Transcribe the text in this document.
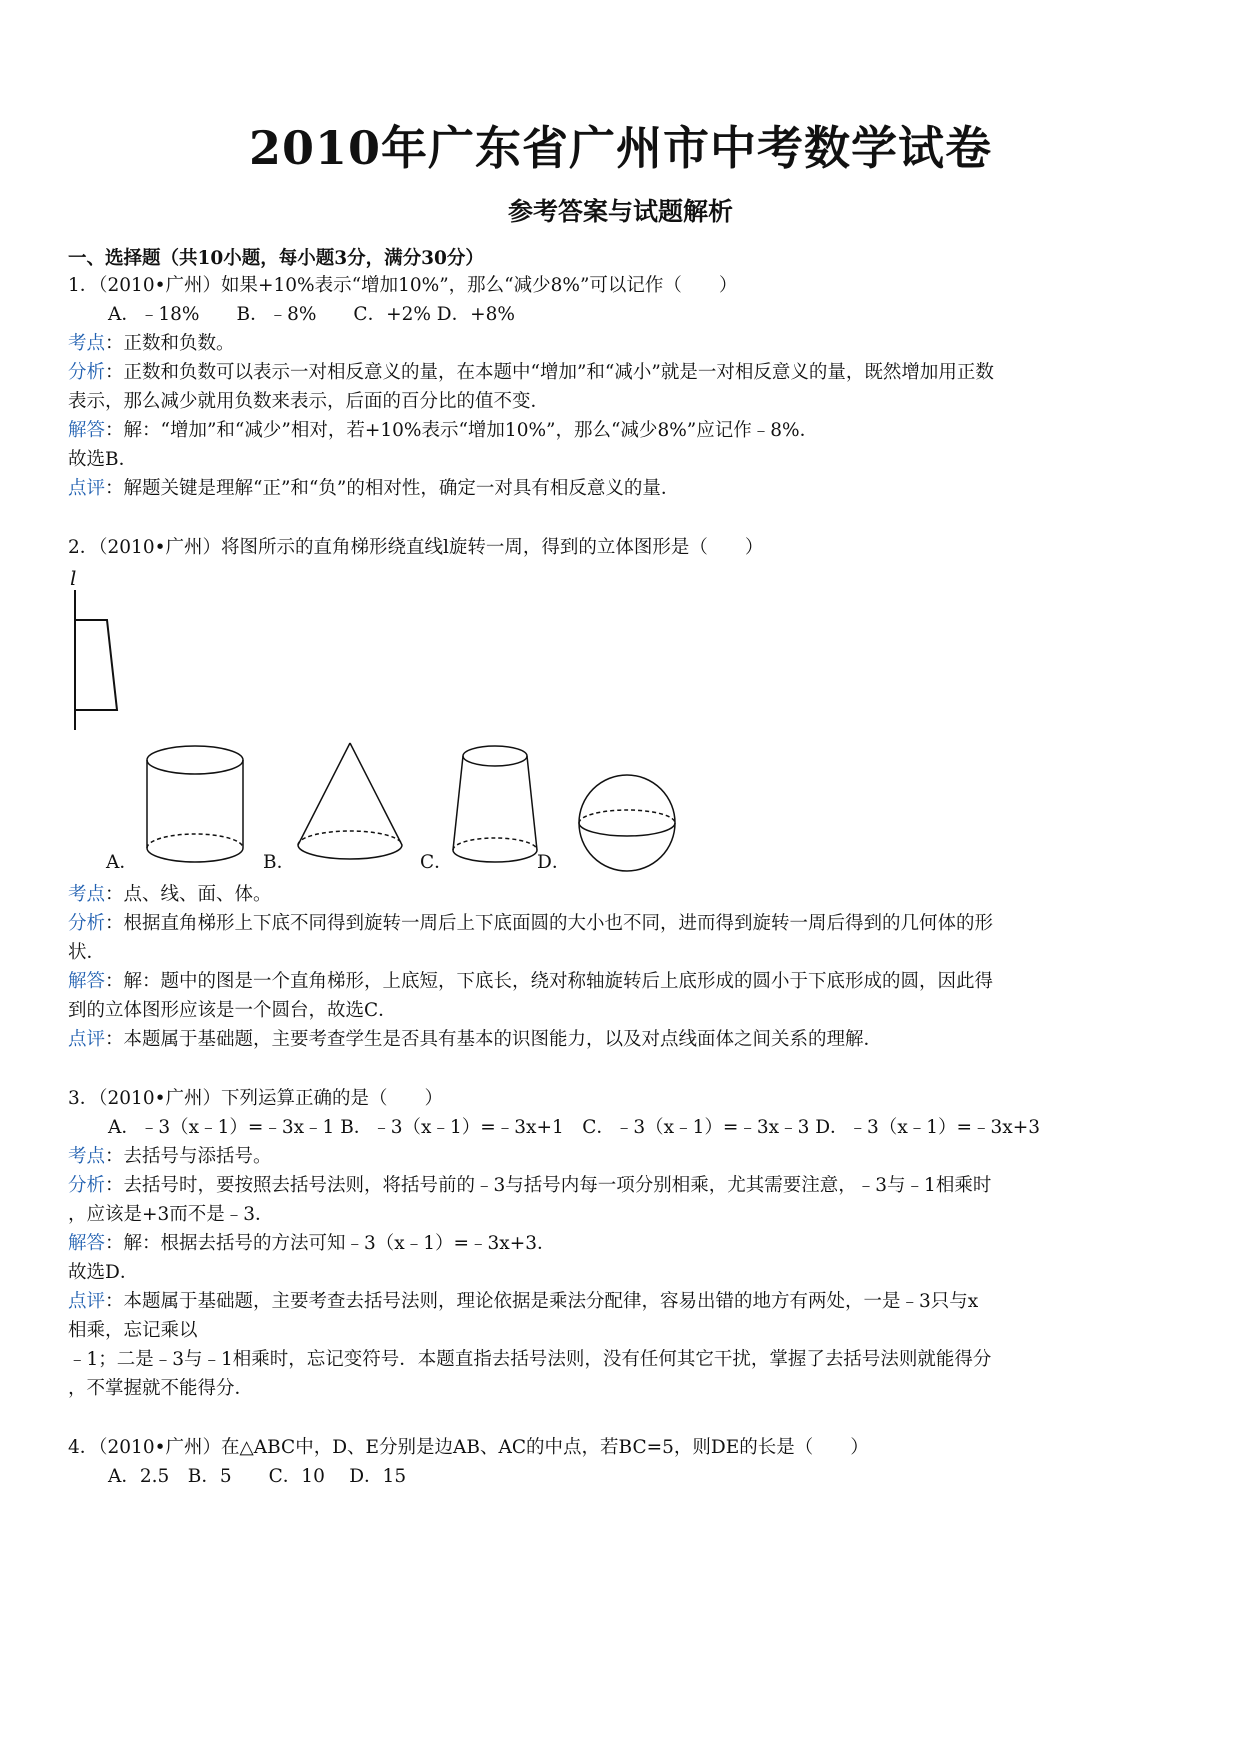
2010年广东省广州市中考数学试卷
参考答案与试题解析
一、选择题（共10小题，每小题3分，满分30分）
1．（2010•广州）如果+10%表示“增加10%”，那么“减少8%”可以记作（　　）
A．﹣18%　　B．﹣8%　　C．+2% D．+8%
考点：正数和负数。
分析：正数和负数可以表示一对相反意义的量，在本题中“增加”和“减小”就是一对相反意义的量，既然增加用正数
表示，那么减少就用负数来表示，后面的百分比的值不变．
解答：解：“增加”和“减少”相对，若+10%表示“增加10%”，那么“减少8%”应记作﹣8%．
故选B．
点评：解题关键是理解“正”和“负”的相对性，确定一对具有相反意义的量．
2．（2010•广州）将图所示的直角梯形绕直线l旋转一周，得到的立体图形是（　　）
l
A．	B．	C．	D．
考点：点、线、面、体。
分析：根据直角梯形上下底不同得到旋转一周后上下底面圆的大小也不同，进而得到旋转一周后得到的几何体的形
状．
解答：解：题中的图是一个直角梯形，上底短，下底长，绕对称轴旋转后上底形成的圆小于下底形成的圆，因此得
到的立体图形应该是一个圆台，故选C．
点评：本题属于基础题，主要考查学生是否具有基本的识图能力，以及对点线面体之间关系的理解．
3．（2010•广州）下列运算正确的是（　　）
A．﹣3（x﹣1）=﹣3x﹣1 B．﹣3（x﹣1）=﹣3x+1　C．﹣3（x﹣1）=﹣3x﹣3 D．﹣3（x﹣1）=﹣3x+3
考点：去括号与添括号。
分析：去括号时，要按照去括号法则，将括号前的﹣3与括号内每一项分别相乘，尤其需要注意，﹣3与﹣1相乘时
，应该是+3而不是﹣3．
解答：解：根据去括号的方法可知﹣3（x﹣1）=﹣3x+3．
故选D．
点评：本题属于基础题，主要考查去括号法则，理论依据是乘法分配律，容易出错的地方有两处，一是﹣3只与x
相乘，忘记乘以
﹣1；二是﹣3与﹣1相乘时，忘记变符号．本题直指去括号法则，没有任何其它干扰，掌握了去括号法则就能得分
，不掌握就不能得分．
4．（2010•广州）在△ABC中，D、E分别是边AB、AC的中点，若BC=5，则DE的长是（　　）
A．2.5　B．5　　C．10　 D．15
